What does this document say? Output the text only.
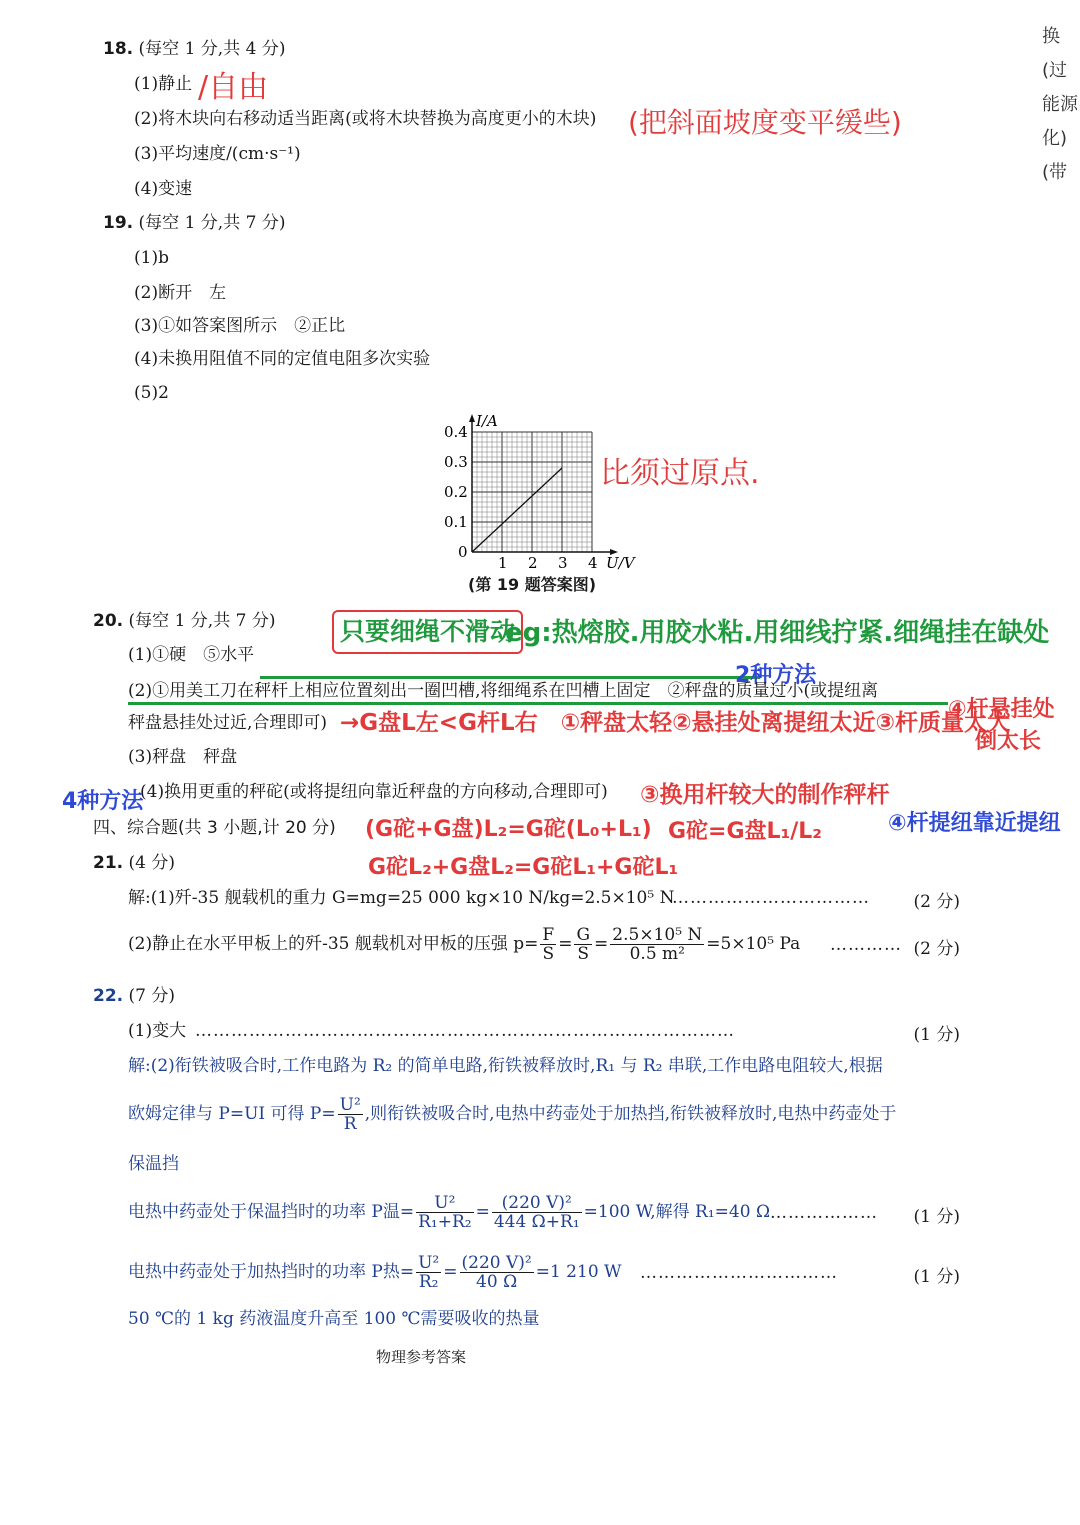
18. (每空 1 分,共 4 分)
(1)静止 /自由
(2)将木块向右移动适当距离(或将木块替换为高度更小的木块) (把斜面坡度变平缓些)
(3)平均速度/(cm·s⁻¹)
(4)变速
19. (每空 1 分,共 7 分)
(1)b
(2)断开　左
(3)①如答案图所示　②正比
(4)未换用阻值不同的定值电阻多次实验
(5)2
1 2 3 4
0.1
0.2
0.3
0.4
I/A
U/V
0
(第 19 题答案图)
比须过原点.
20. (每空 1 分,共 7 分)	只要细绳不滑动
eg:热熔胶.用胶水粘.用细线拧紧.细绳挂在缺处
(1)①硬　⑤水平
2种方法
(2)①用美工刀在秤杆上相应位置刻出一圈凹槽,将细绳系在凹槽上固定　②秤盘的质量过小(或提纽离
秤盘悬挂处过近,合理即可) →G盘L左<G杆L右　①秤盘太轻②悬挂处离提纽太近③杆质量太大
④杆悬挂处
倒太长
(3)秤盘　秤盘
4种方法
(4)换用更重的秤砣(或将提纽向靠近秤盘的方向移动,合理即可) ③换用杆较大的制作秤杆
四、综合题(共 3 小题,计 20 分) (G砣+G盘)L₂=G砣(L₀+L₁)
G砣L₂+G盘L₂=G砣L₁+G砣L₁
G砣=G盘L₁/L₂	④杆提纽靠近提纽
21. (4 分)
解:(1)歼-35 舰载机的重力 G=mg=25 000 kg×10 N/kg=2.5×10⁵ N
……………………………	(2 分)
(2)静止在水平甲板上的歼-35 舰载机对甲板的压强 $p= \frac{F}{S} = \frac{G}{S} = \frac{\text{2.5×10⁵ N}}{\text{0.5 m²}} =5\times 10^5$ Pa ………… (2 分)
22. (7 分)
(1)变大 ………………………………………………………………………………	(1 分)
解:(2)衔铁被吸合时,工作电路为 R₂ 的简单电路,衔铁被释放时,R₁ 与 R₂ 串联,工作电路电阻较大,根据
欧姆定律与 P=UI 可得 $P= \frac{\text{U²}}{R}$ ,则衔铁被吸合时,电热中药壶处于加热挡,衔铁被释放时,电热中药壶处于
保温挡
电热中药壶处于保温挡时的功率 P温= $\frac{\text{U²}}{\text{R₁+R₂}} = \frac{\text{(220 V)²}}{\text{444 Ω+R₁}} =100$ W,解得 R₁=40 Ω ……………… (1 分)
电热中药壶处于加热挡时的功率 P热= $\frac{\text{U²}}{\text{R₂}} = \frac{\text{(220 V)²}}{40 \Omega} =1$ 210 W ……………………………	(1 分)
50 ℃的 1 kg 药液温度升高至 100 ℃需要吸收的热量
物理参考答案
换
(过
能源
化)
(带
